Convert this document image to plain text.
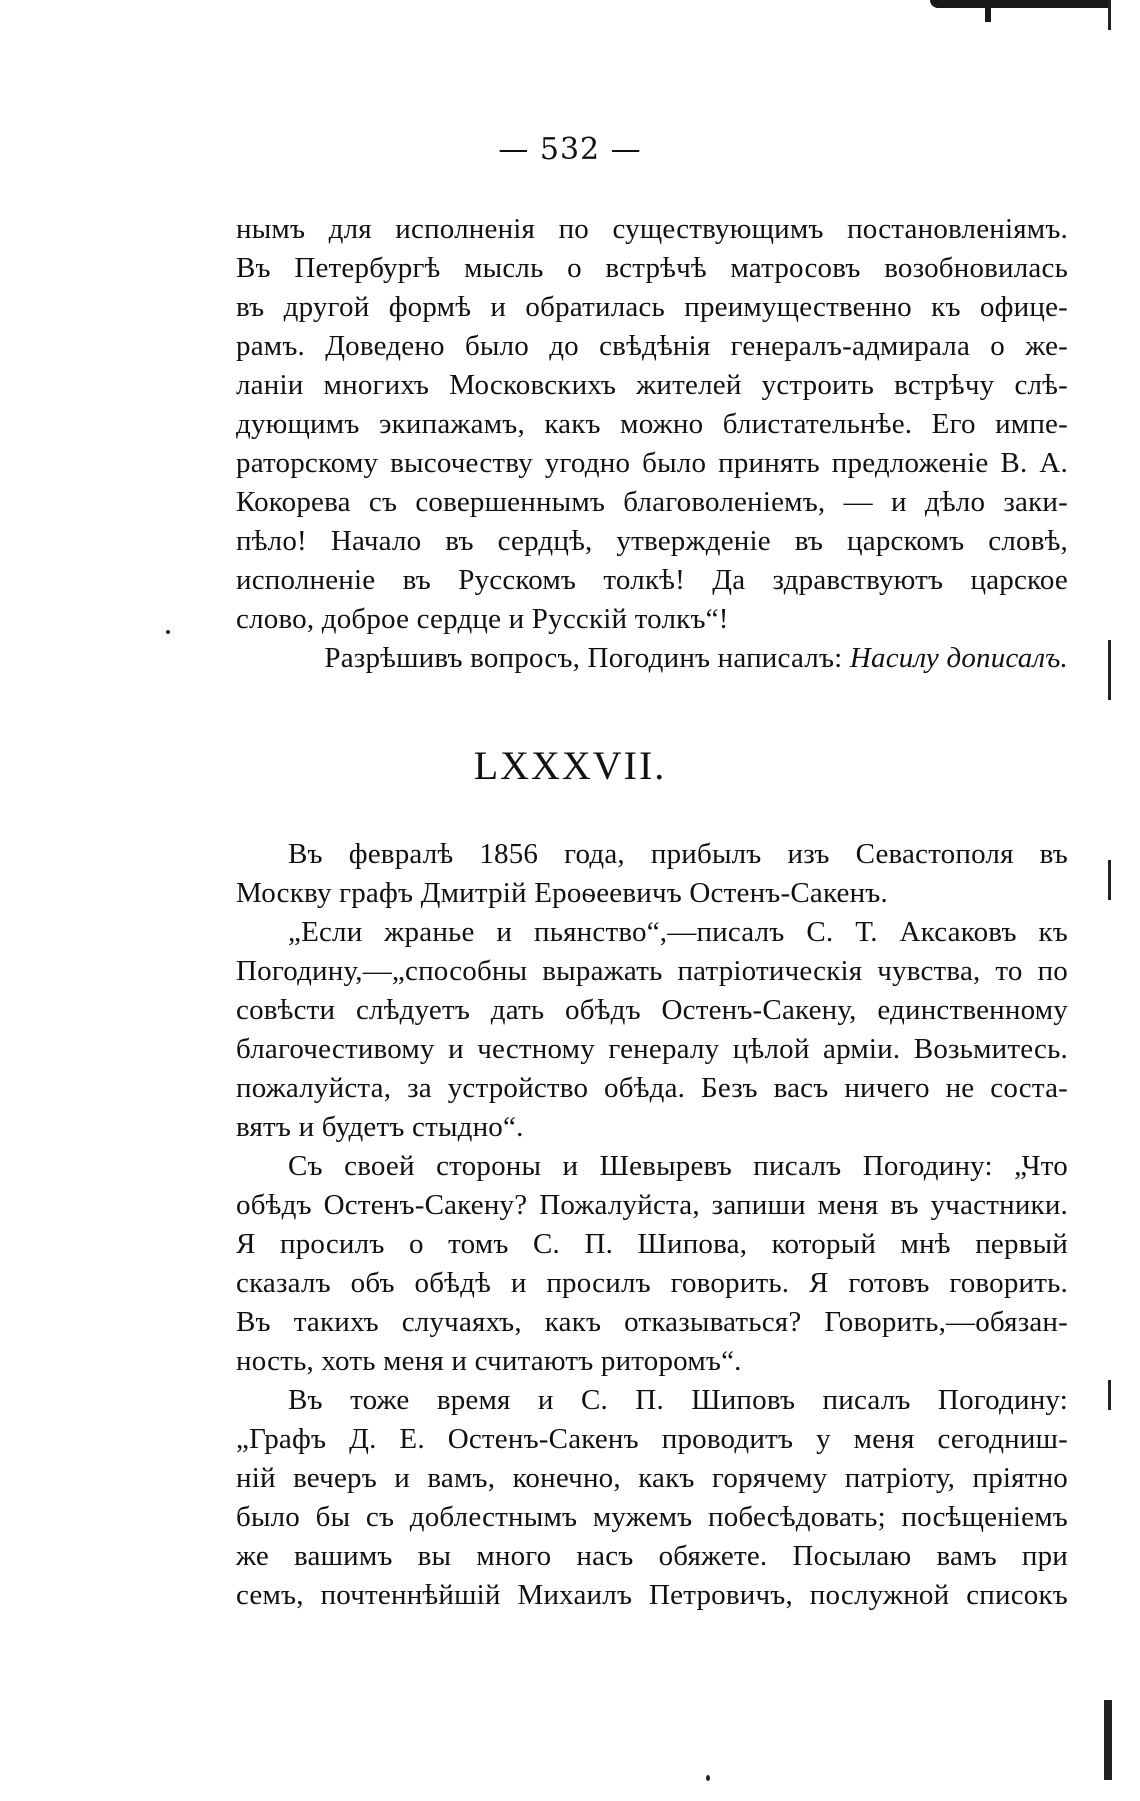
— 532 —
нымъ для исполненія по существующимъ постановленіямъ.
Въ Петербургѣ мысль о встрѣчѣ матросовъ возобновилась
въ другой формѣ и обратилась преимущественно къ офице-
рамъ. Доведено было до свѣдѣнія генералъ-адмирала о же-
ланіи многихъ Московскихъ жителей устроить встрѣчу слѣ-
дующимъ экипажамъ, какъ можно блистательнѣе. Его импе-
раторскому высочеству угодно было принять предложеніе В. А.
Кокорева съ совершеннымъ благоволеніемъ, — и дѣло заки-
пѣло! Начало въ сердцѣ, утвержденіе въ царскомъ словѣ,
исполненіе въ Русскомъ толкѣ! Да здравствуютъ царское
слово, доброе сердце и Русскій толкъ“!
Разрѣшивъ вопросъ, Погодинъ написалъ: Насилу дописалъ.
LXXXVII.
Въ февралѣ 1856 года, прибылъ изъ Севастополя въ
Москву графъ Дмитрій Ероѳеевичъ Остенъ-Сакенъ.
„Если жранье и пьянство“,—писалъ С. Т. Аксаковъ къ
Погодину,—„способны выражать патріотическія чувства, то по
совѣсти слѣдуетъ дать обѣдъ Остенъ-Сакену, единственному
благочестивому и честному генералу цѣлой арміи. Возьмитесь.
пожалуйста, за устройство обѣда. Безъ васъ ничего не соста-
вятъ и будетъ стыдно“.
Съ своей стороны и Шевыревъ писалъ Погодину: „Что
обѣдъ Остенъ-Сакену? Пожалуйста, запиши меня въ участники.
Я просилъ о томъ С. П. Шипова, который мнѣ первый
сказалъ объ обѣдѣ и просилъ говорить. Я готовъ говорить.
Въ такихъ случаяхъ, какъ отказываться? Говорить,—обязан-
ность, хоть меня и считаютъ риторомъ“.
Въ тоже время и С. П. Шиповъ писалъ Погодину:
„Графъ Д. Е. Остенъ-Сакенъ проводитъ у меня сегодниш-
ній вечеръ и вамъ, конечно, какъ горячему патріоту, пріятно
было бы съ доблестнымъ мужемъ побесѣдовать; посѣщеніемъ
же вашимъ вы много насъ обяжете. Посылаю вамъ при
семъ, почтеннѣйшій Михаилъ Петровичъ, послужной списокъ
